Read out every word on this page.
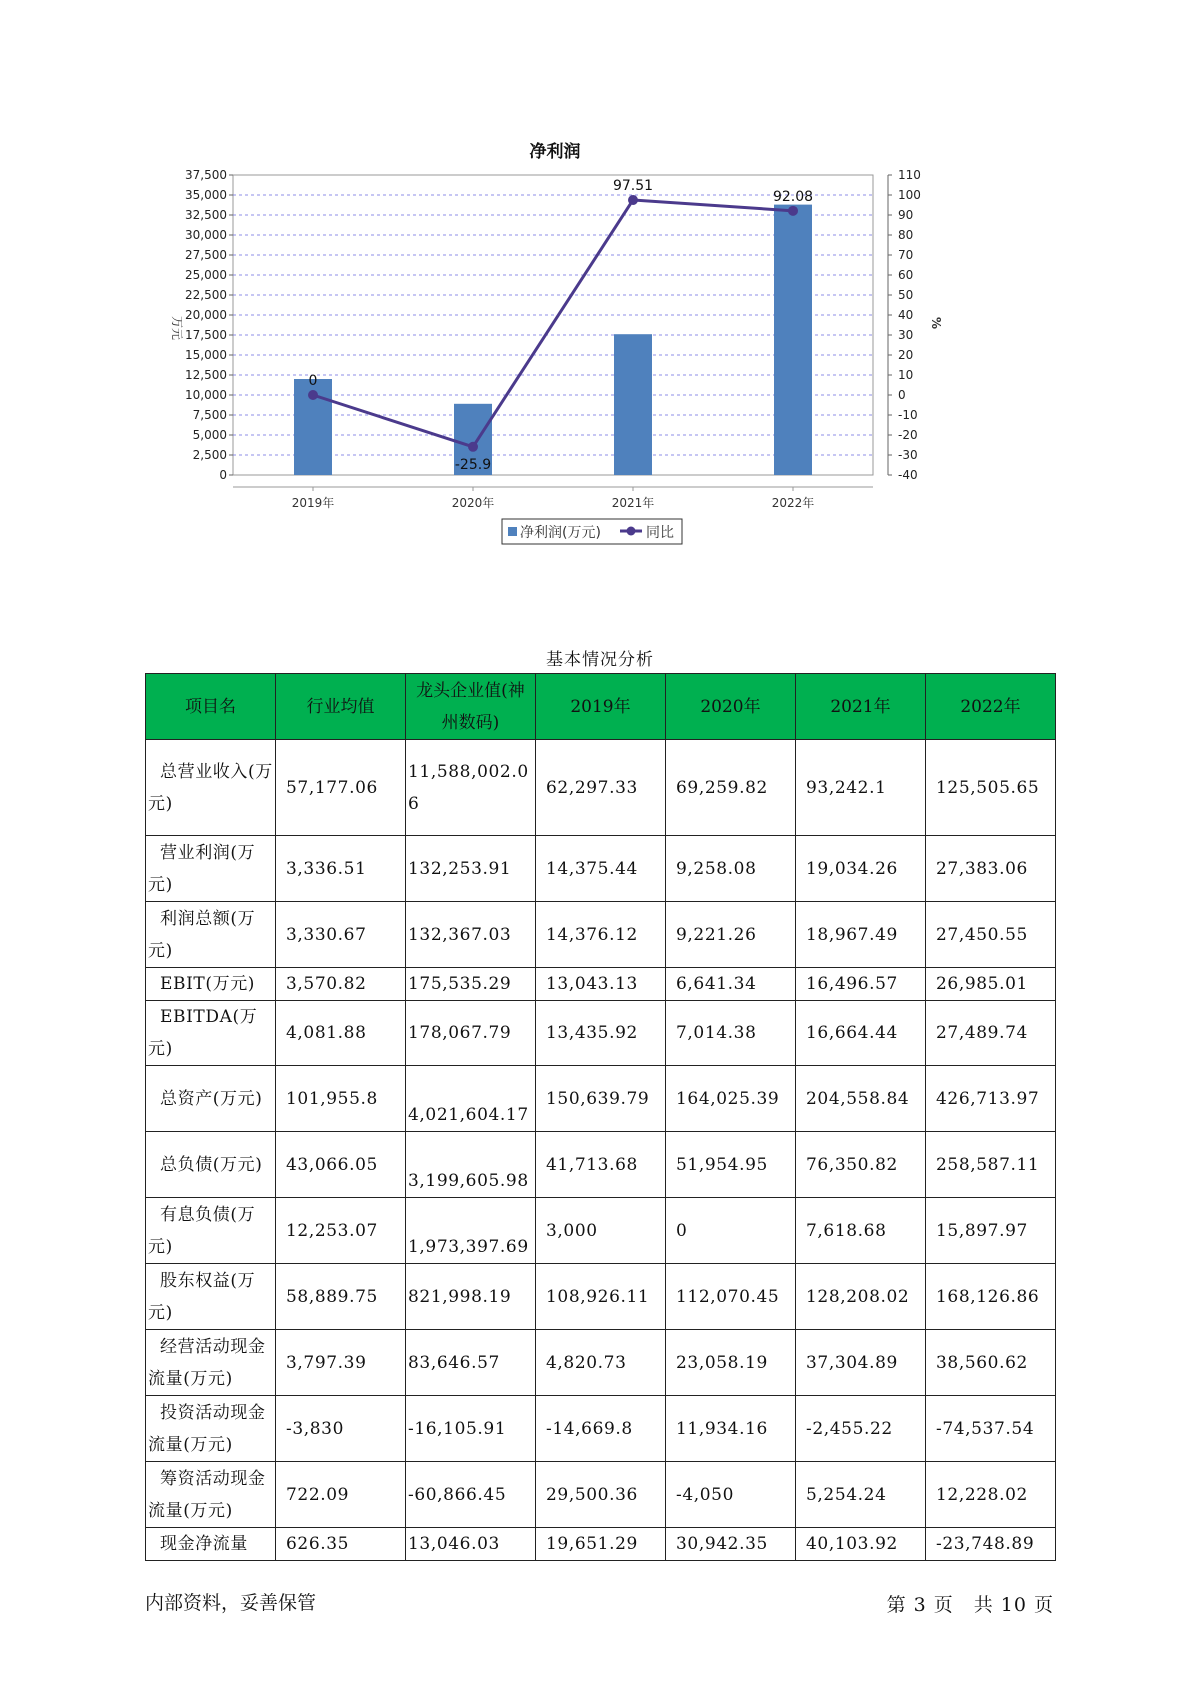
净利润
0
-25.9
97.51
92.08
37,500
35,000
32,500
30,000
27,500
25,000
22,500
20,000
17,500
15,000
12,500
10,000
7,500
5,000
2,500
0
110
100
90
80
70
60
50
40
30
20
10
0
-10
-20
-30
-40
2019年	2020年	2021年	2022年
万元	%
净利润(万元)	同比
基本情况分析
项目名	行业均值	龙头企业值(神州数码)	2019年	2020年	2021年	2022年
总营业收入(万元)	57,177.06	11,588,002.06	62,297.33	69,259.82	93,242.1	125,505.65
营业利润(万元)	3,336.51	132,253.91	14,375.44	9,258.08	19,034.26	27,383.06
利润总额(万元)	3,330.67	132,367.03	14,376.12	9,221.26	18,967.49	27,450.55
EBIT(万元)	3,570.82	175,535.29	13,043.13	6,641.34	16,496.57	26,985.01
EBITDA(万元)	4,081.88	178,067.79	13,435.92	7,014.38	16,664.44	27,489.74
总资产(万元)	101,955.8	4,021,604.17	150,639.79	164,025.39	204,558.84	426,713.97
总负债(万元)	43,066.05	3,199,605.98	41,713.68	51,954.95	76,350.82	258,587.11
有息负债(万元)	12,253.07	1,973,397.69	3,000	0	7,618.68	15,897.97
股东权益(万元)	58,889.75	821,998.19	108,926.11	112,070.45	128,208.02	168,126.86
经营活动现金流量(万元)	3,797.39	83,646.57	4,820.73	23,058.19	37,304.89	38,560.62
投资活动现金流量(万元)	-3,830	-16,105.91	-14,669.8	11,934.16	-2,455.22	-74,537.54
筹资活动现金流量(万元)	722.09	-60,866.45	29,500.36	-4,050	5,254.24	12,228.02
现金净流量	626.35	13,046.03	19,651.29	30,942.35	40,103.92	-23,748.89
内部资料，妥善保管	第 3 页　共 10 页
